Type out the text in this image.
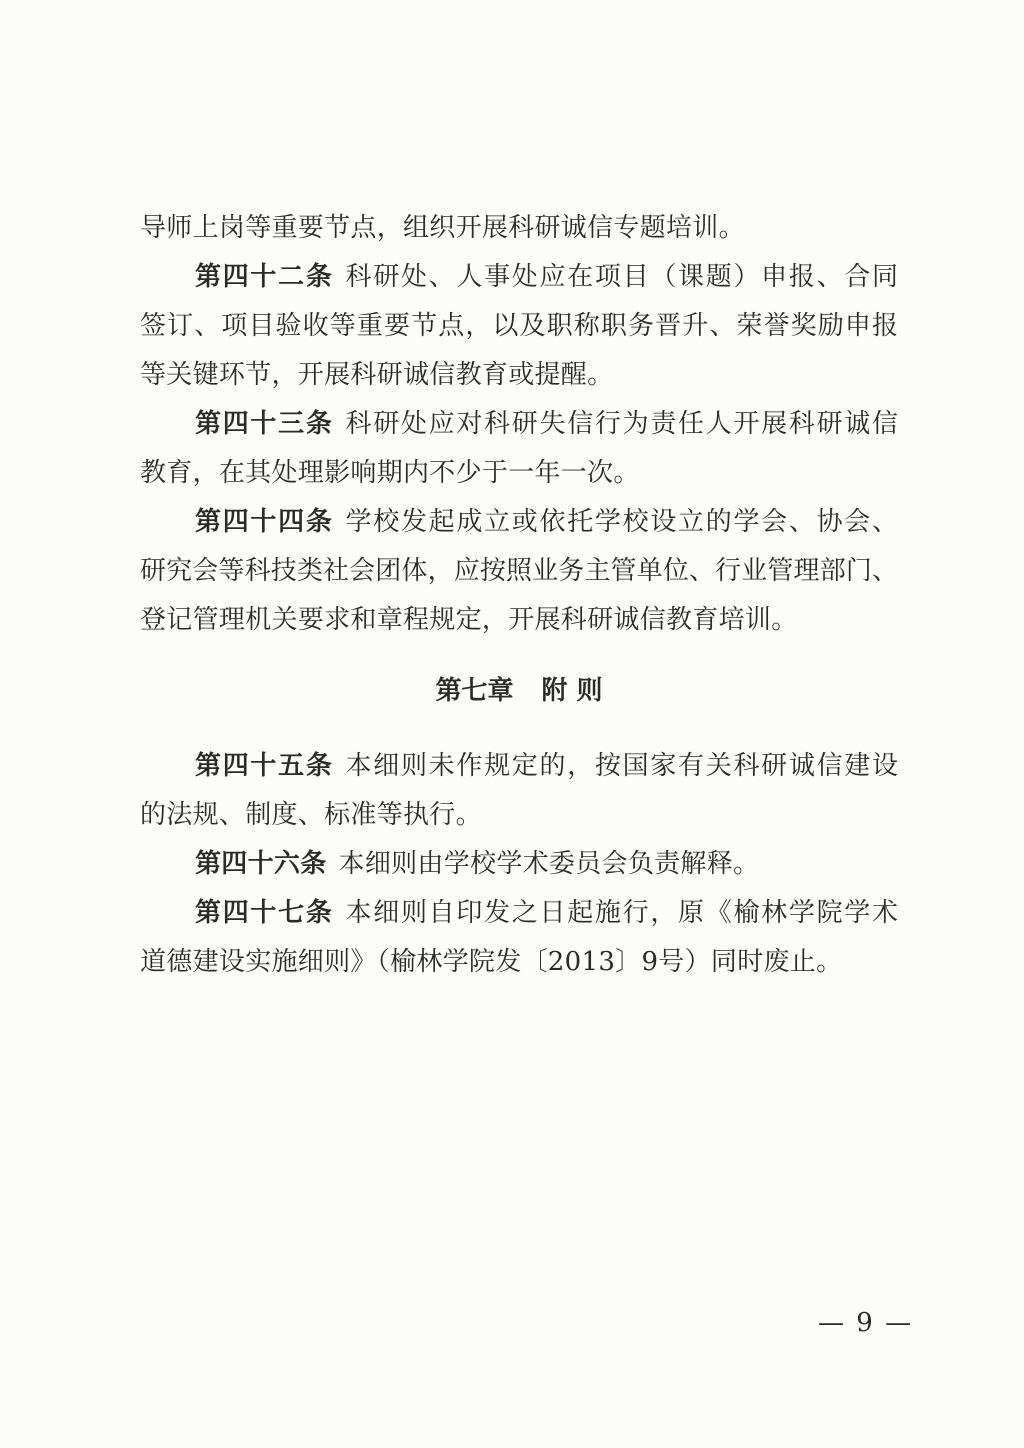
导师上岗等重要节点，组织开展科研诚信专题培训。
第四十二条 科研处、人事处应在项目（课题）申报、合同
签订、项目验收等重要节点，以及职称职务晋升、荣誉奖励申报
等关键环节，开展科研诚信教育或提醒。
第四十三条 科研处应对科研失信行为责任人开展科研诚信
教育，在其处理影响期内不少于一年一次。
第四十四条 学校发起成立或依托学校设立的学会、协会、
研究会等科技类社会团体，应按照业务主管单位、行业管理部门、
登记管理机关要求和章程规定，开展科研诚信教育培训。
第七章 附 则
第四十五条 本细则未作规定的，按国家有关科研诚信建设
的法规、制度、标准等执行。
第四十六条 本细则由学校学术委员会负责解释。
第四十七条 本细则自印发之日起施行，原《榆林学院学术
道德建设实施细则》（榆林学院发〔2013〕9号）同时废止。
— 9 —
